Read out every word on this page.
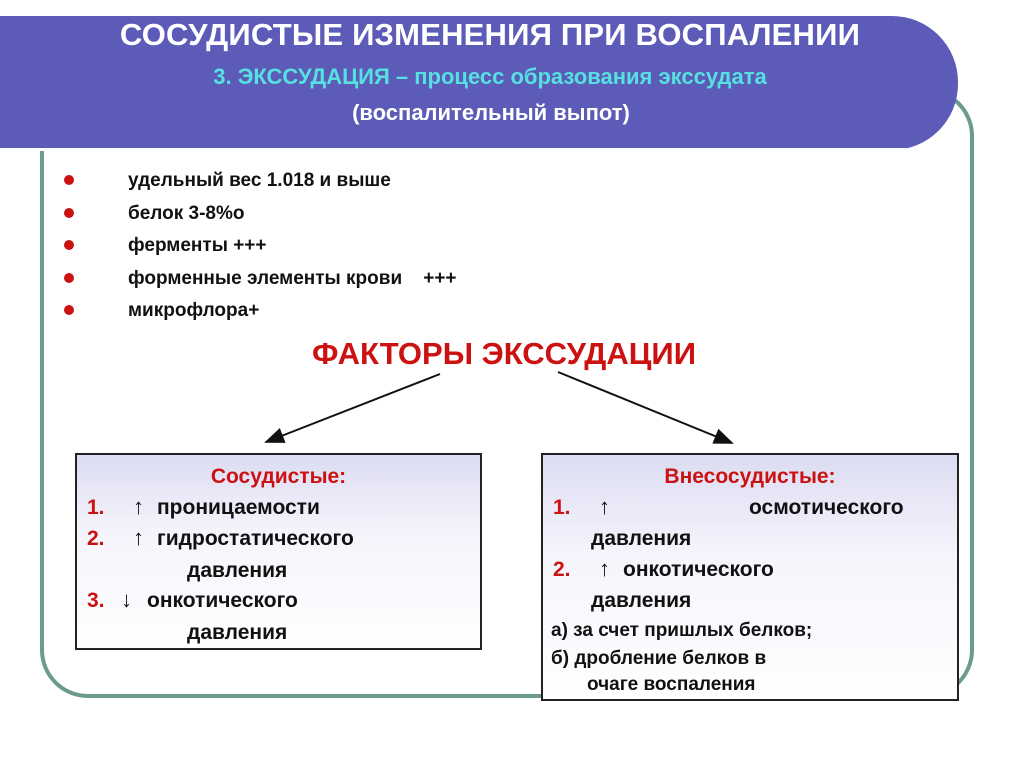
СОСУДИСТЫЕ ИЗМЕНЕНИЯ ПРИ ВОСПАЛЕНИИ
3. ЭКССУДАЦИЯ – процесс образования экссудата
(воспалительный выпот)
удельный вес 1.018 и выше
белок 3-8%о
ферменты +++
форменные элементы крови    +++
микрофлора+
ФАКТОРЫ ЭКССУДАЦИИ
Сосудистые:
1. ↑ проницаемости
2. ↑ гидростатического
давления
3. ↓ онкотического
давления
Внесосудистые:
1. ↑	осмотического
давления
2. ↑ онкотического
давления
а) за счет пришлых белков;
б) дробление белков в
очаге воспаления
